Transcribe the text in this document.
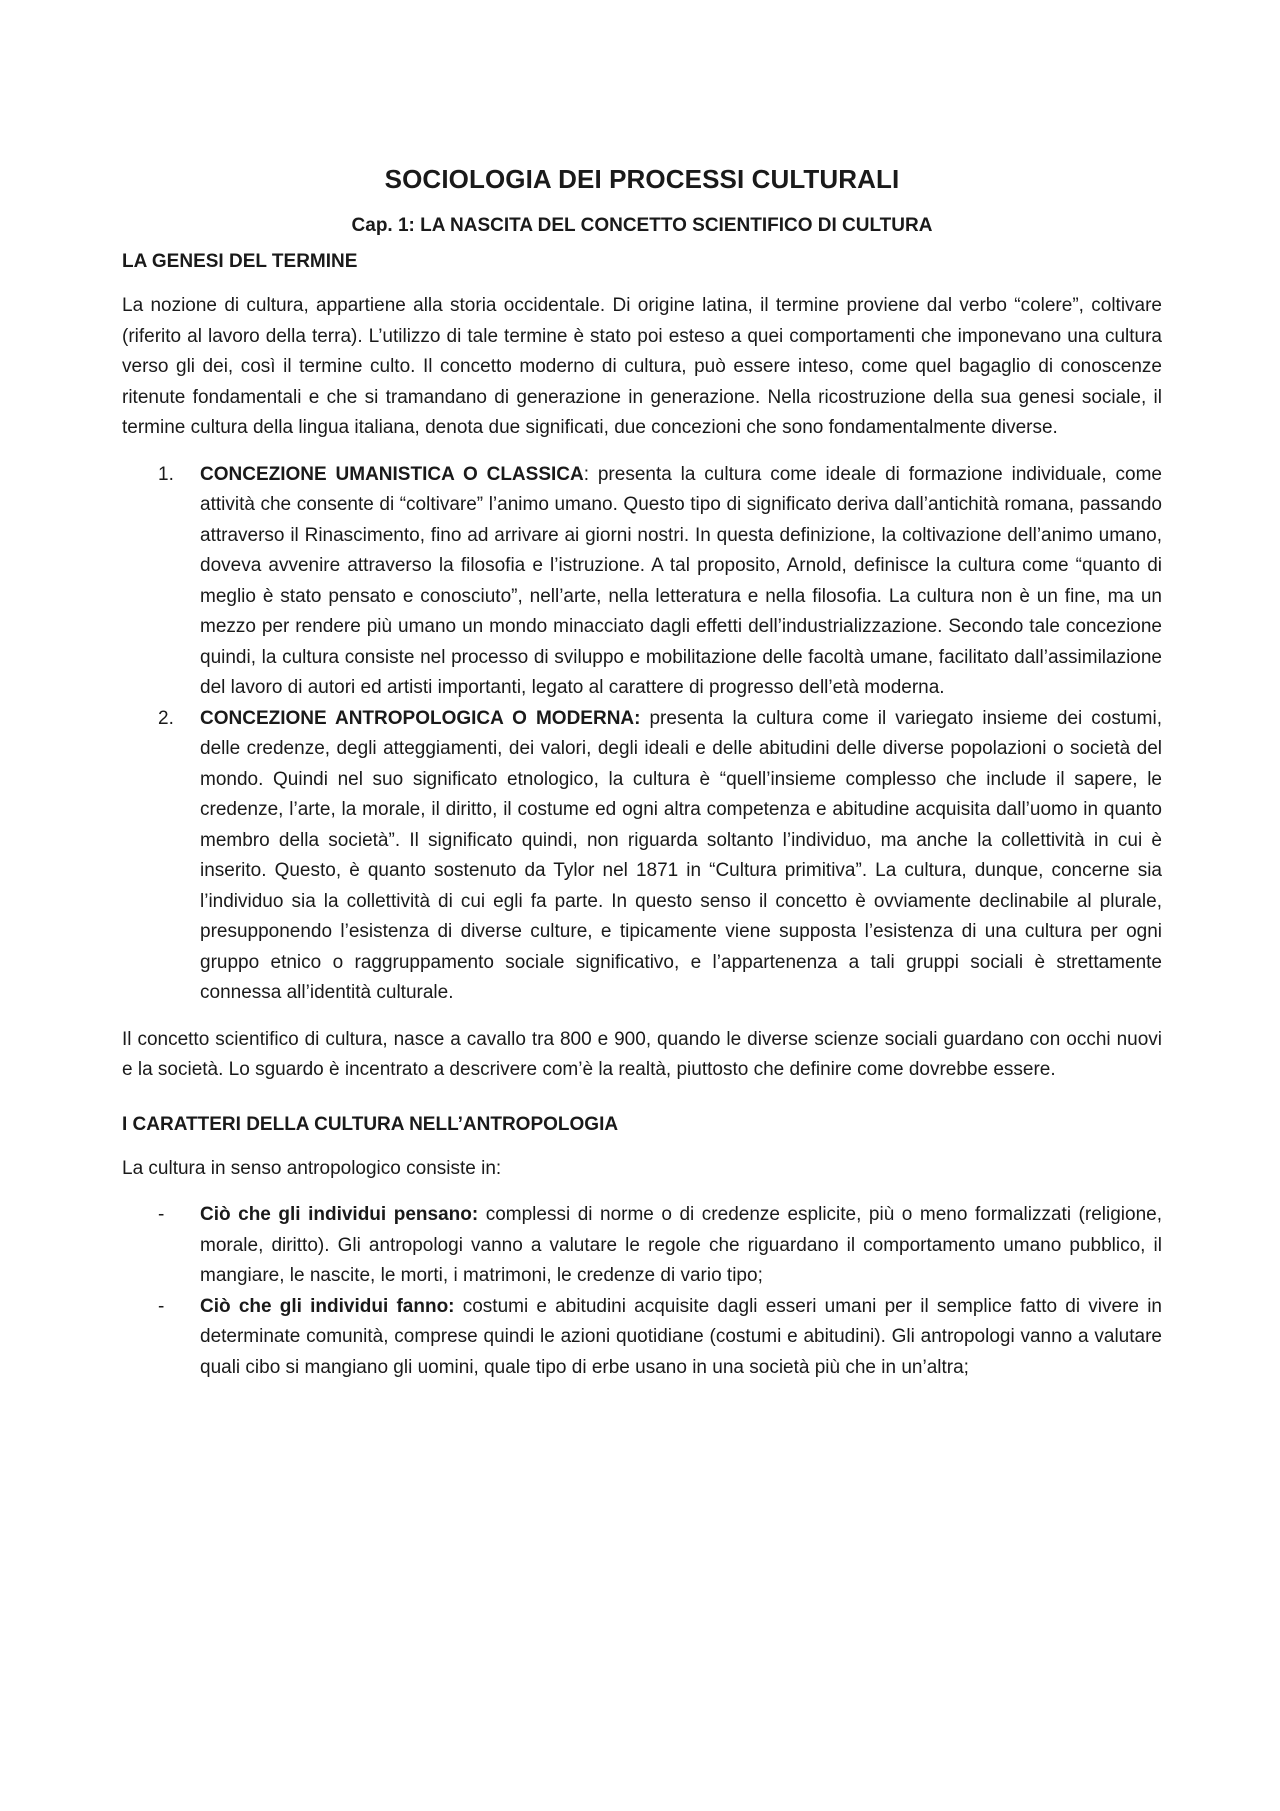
SOCIOLOGIA DEI PROCESSI CULTURALI
Cap. 1: LA NASCITA DEL CONCETTO SCIENTIFICO DI CULTURA
LA GENESI DEL TERMINE

La nozione di cultura, appartiene alla storia occidentale. Di origine latina, il termine proviene dal verbo “colere”, coltivare (riferito al lavoro della terra). L’utilizzo di tale termine è stato poi esteso a quei comportamenti che imponevano una cultura verso gli dei, così il termine culto. Il concetto moderno di cultura, può essere inteso, come quel bagaglio di conoscenze ritenute fondamentali e che si tramandano di generazione in generazione. Nella ricostruzione della sua genesi sociale, il termine cultura della lingua italiana, denota due significati, due concezioni che sono fondamentalmente diverse.

1. CONCEZIONE UMANISTICA O CLASSICA: presenta la cultura come ideale di formazione individuale, come attività che consente di “coltivare” l’animo umano. Questo tipo di significato deriva dall’antichità romana, passando attraverso il Rinascimento, fino ad arrivare ai giorni nostri. In questa definizione, la coltivazione dell’animo umano, doveva avvenire attraverso la filosofia e l’istruzione. A tal proposito, Arnold, definisce la cultura come “quanto di meglio è stato pensato e conosciuto”, nell’arte, nella letteratura e nella filosofia. La cultura non è un fine, ma un mezzo per rendere più umano un mondo minacciato dagli effetti dell’industrializzazione. Secondo tale concezione quindi, la cultura consiste nel processo di sviluppo e mobilitazione delle facoltà umane, facilitato dall’assimilazione del lavoro di autori ed artisti importanti, legato al carattere di progresso dell’età moderna.
2. CONCEZIONE ANTROPOLOGICA O MODERNA: presenta la cultura come il variegato insieme dei costumi, delle credenze, degli atteggiamenti, dei valori, degli ideali e delle abitudini delle diverse popolazioni o società del mondo. Quindi nel suo significato etnologico, la cultura è “quell’insieme complesso che include il sapere, le credenze, l’arte, la morale, il diritto, il costume ed ogni altra competenza e abitudine acquisita dall’uomo in quanto membro della società”. Il significato quindi, non riguarda soltanto l’individuo, ma anche la collettività in cui è inserito. Questo, è quanto sostenuto da Tylor nel 1871 in “Cultura primitiva”. La cultura, dunque, concerne sia l’individuo sia la collettività di cui egli fa parte. In questo senso il concetto è ovviamente declinabile al plurale, presupponendo l’esistenza di diverse culture, e tipicamente viene supposta l’esistenza di una cultura per ogni gruppo etnico o raggruppamento sociale significativo, e l’appartenenza a tali gruppi sociali è strettamente connessa all’identità culturale.

Il concetto scientifico di cultura, nasce a cavallo tra 800 e 900, quando le diverse scienze sociali guardano con occhi nuovi e la società. Lo sguardo è incentrato a descrivere com’è la realtà, piuttosto che definire come dovrebbe essere.

I CARATTERI DELLA CULTURA NELL’ANTROPOLOGIA

La cultura in senso antropologico consiste in:

- Ciò che gli individui pensano: complessi di norme o di credenze esplicite, più o meno formalizzati (religione, morale, diritto). Gli antropologi vanno a valutare le regole che riguardano il comportamento umano pubblico, il mangiare, le nascite, le morti, i matrimoni, le credenze di vario tipo;
- Ciò che gli individui fanno: costumi e abitudini acquisite dagli esseri umani per il semplice fatto di vivere in determinate comunità, comprese quindi le azioni quotidiane (costumi e abitudini). Gli antropologi vanno a valutare quali cibo si mangiano gli uomini, quale tipo di erbe usano in una società più che in un’altra;
